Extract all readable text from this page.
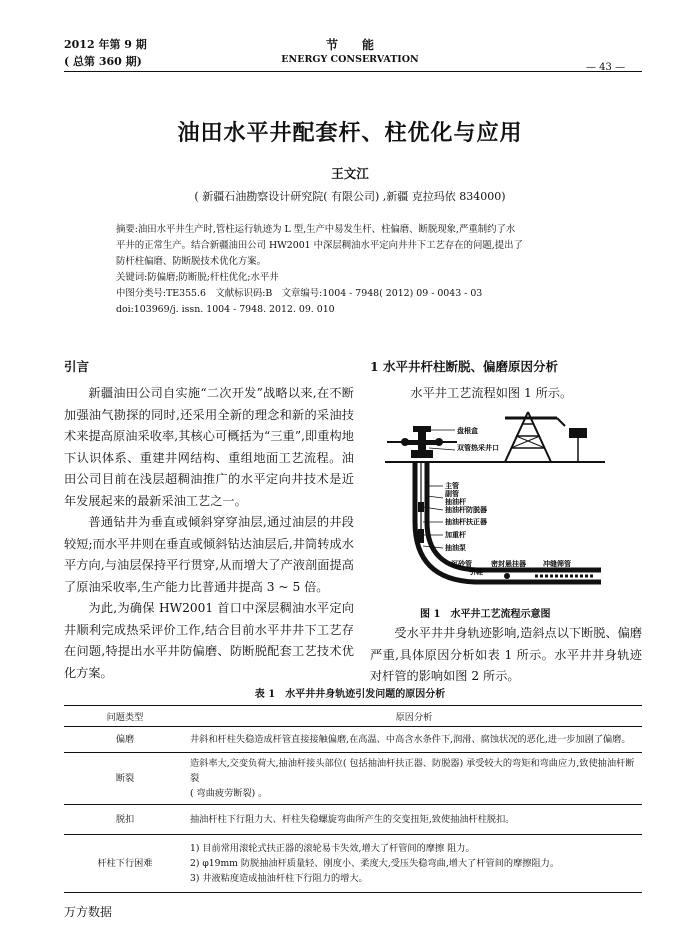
2012 年第 9 期
( 总第 360 期)
节　　能
ENERGY CONSERVATION
— 43 —
油田水平井配套杆、柱优化与应用
王文江
( 新疆石油勘察设计研究院( 有限公司) ,新疆 克拉玛依 834000)
摘要:油田水平井生产时,管柱运行轨迹为 L 型,生产中易发生杆、柱偏磨、断脱现象,严重制约了水
平井的正常生产。结合新疆油田公司 HW2001 中深层稠油水平定向井井下工艺存在的问题,提出了
防杆柱偏磨、防断脱技术优化方案。
关键词:防偏磨;防断脱;杆柱优化;水平井
中图分类号:TE355.6　文献标识码:B　文章编号:1004 - 7948( 2012) 09 - 0043 - 03
doi:103969/j. issn. 1004 - 7948. 2012. 09. 010
引言
新疆油田公司自实施“二次开发”战略以来,在不断加强油气勘探的同时,还采用全新的理念和新的采油技术来提高原油采收率,其核心可概括为“三重”,即重构地下认识体系、重建井网结构、重组地面工艺流程。油田公司目前在浅层超稠油推广的水平定向井技术是近年发展起来的最新采油工艺之一。
普通钻井为垂直或倾斜穿穿油层,通过油层的井段较短;而水平井则在垂直或倾斜钻达油层后,井筒转成水平方向,与油层保持平行贯穿,从而增大了产液剖面提高了原油采收率,生产能力比普通井提高 3 ~ 5 倍。
为此,为确保 HW2001 首口中深层稠油水平定向井顺利完成热采评价工作,结合目前水平井井下工艺存在问题,特提出水平井防偏磨、防断脱配套工艺技术优化方案。
1 水平井杆柱断脱、偏磨原因分析
水平井工艺流程如图 1 所示。
盘根盒
双管热采井口
主管
副管
抽油杆
抽油杆防脱器
抽油杆扶正器
加重杆
抽油泵
沉砂管
引鞋
密封悬挂器 冲缝筛管
图 1　水平井工艺流程示意图
受水平井井身轨迹影响,造斜点以下断脱、偏磨严重,具体原因分析如表 1 所示。水平井井身轨迹对杆管的影响如图 2 所示。
表 1　水平井井身轨迹引发问题的原因分析
问题类型	原因分析
偏磨	井斜和杆柱失稳造成杆管直接接触偏磨,在高温、中高含水条件下,润滑、腐蚀状况的恶化,进一步加剧了偏磨。

断裂	造斜率大,交变负荷大,抽油杆接头部位( 包括抽油杆扶正器、防脱器) 承受较大的弯矩和弯曲应力,致使抽油杆断裂
( 弯曲疲劳断裂) 。

脱扣	抽油杆柱下行阻力大、杆柱失稳螺旋弯曲所产生的交变扭矩,致使抽油杆柱脱扣。

杆柱下行困难	1) 目前常用滚轮式扶正器的滚轮易卡失效,增大了杆管间的摩擦 阻力。
2) φ19mm 防脱抽油杆质量轻、刚度小、柔度大,受压失稳弯曲,增大了杆管间的摩擦阻力。
3) 井液粘度造成抽油杆柱下行阻力的增大。
万方数据
